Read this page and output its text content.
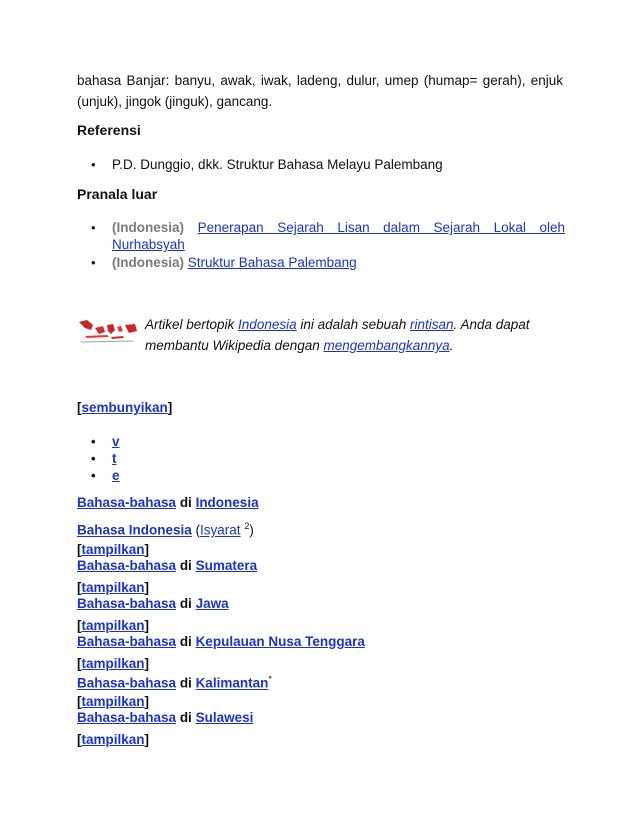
bahasa Banjar: banyu, awak, iwak, ladeng, dulur, umep (humap= gerah), enjuk (unjuk), jingok (jinguk), gancang.
Referensi
• P.D. Dunggio, dkk. Struktur Bahasa Melayu Palembang
Pranala luar
• (Indonesia) Penerapan Sejarah Lisan dalam Sejarah Lokal oleh Nurhabsyah
• (Indonesia) Struktur Bahasa Palembang
Artikel bertopik Indonesia ini adalah sebuah rintisan. Anda dapat membantu Wikipedia dengan mengembangkannya.
[sembunyikan]
• v
• t
• e
Bahasa-bahasa di Indonesia
Bahasa Indonesia (Isyarat $^2$)
[tampilkan]
Bahasa-bahasa di Sumatera
[tampilkan]
Bahasa-bahasa di Jawa
[tampilkan]
Bahasa-bahasa di Kepulauan Nusa Tenggara
[tampilkan]
Bahasa-bahasa di Kalimantan*
[tampilkan]
Bahasa-bahasa di Sulawesi
[tampilkan]
